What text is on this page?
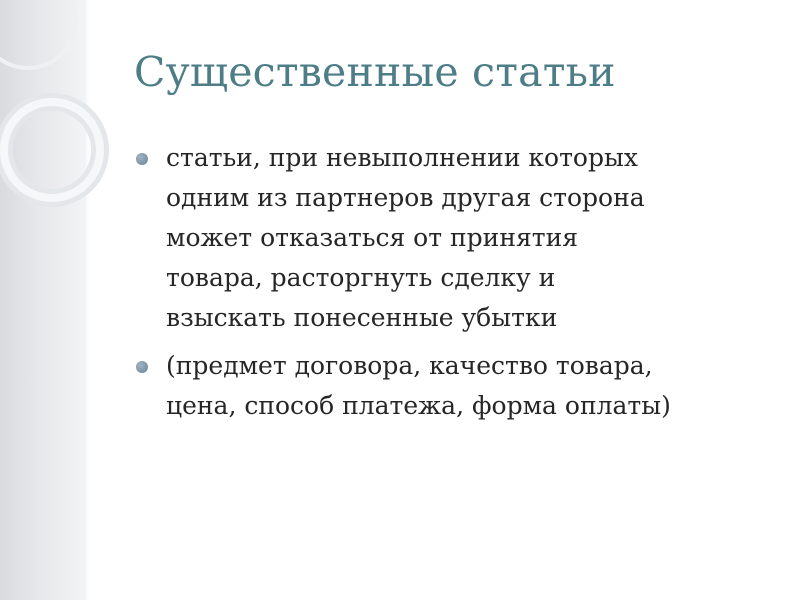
Существенные статьи
статьи, при невыполнении которых
одним из партнеров другая сторона
может отказаться от принятия
товара, расторгнуть сделку и
взыскать понесенные убытки
(предмет договора, качество товара,
цена, способ платежа, форма оплаты)
